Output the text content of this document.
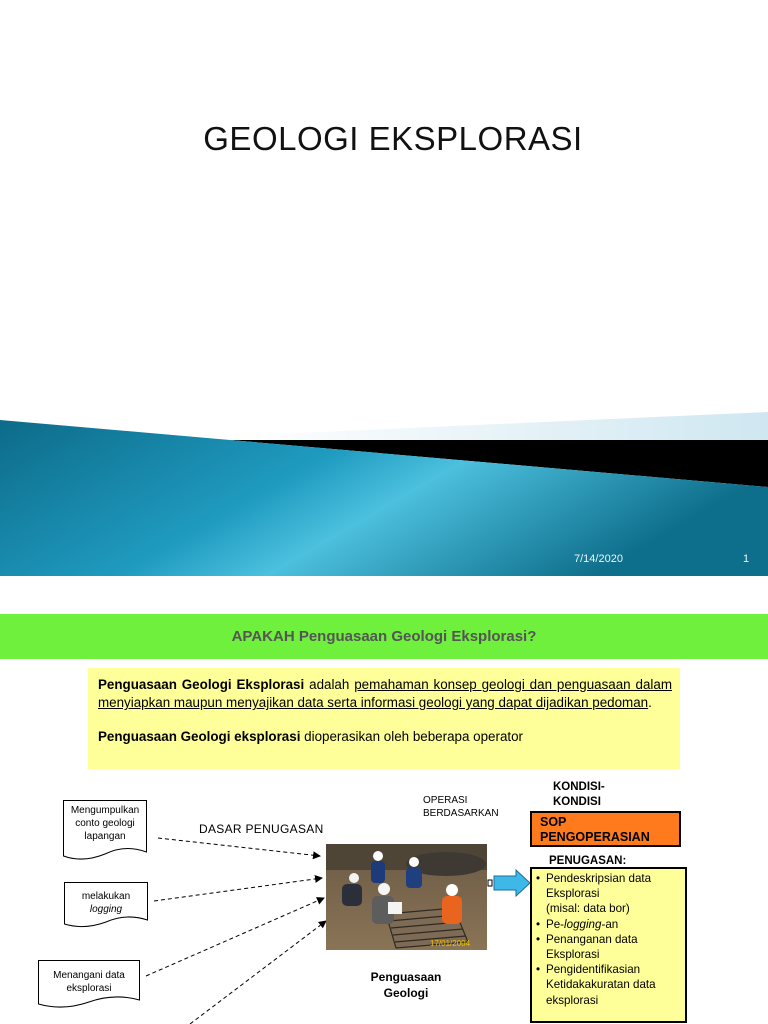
GEOLOGI EKSPLORASI
7/14/2020	1
APAKAH Penguasaan Geologi Eksplorasi?

Penguasaan Geologi Eksplorasi adalah pemahaman konsep geologi dan penguasaan dalam menyiapkan maupun menyajikan data serta informasi geologi yang dapat dijadikan pedoman.

Penguasaan Geologi eksplorasi dioperasikan oleh beberapa operator

Mengumpulkan conto geologi lapangan
melakukan
logging
Menangani data eksplorasi
DASAR PENUGASAN
OPERASI
BERDASARKAN
KONDISI-
KONDISI
SOP
PENGOPERASIAN
PENUGASAN:
• Pendeskripsian data Eksplorasi
(misal: data bor)
• Pe-logging-an
• Penanganan data Eksplorasi
• Pengidentifikasian Ketidakakuratan data eksplorasi
17/01/2004
Penguasaan
Geologi
